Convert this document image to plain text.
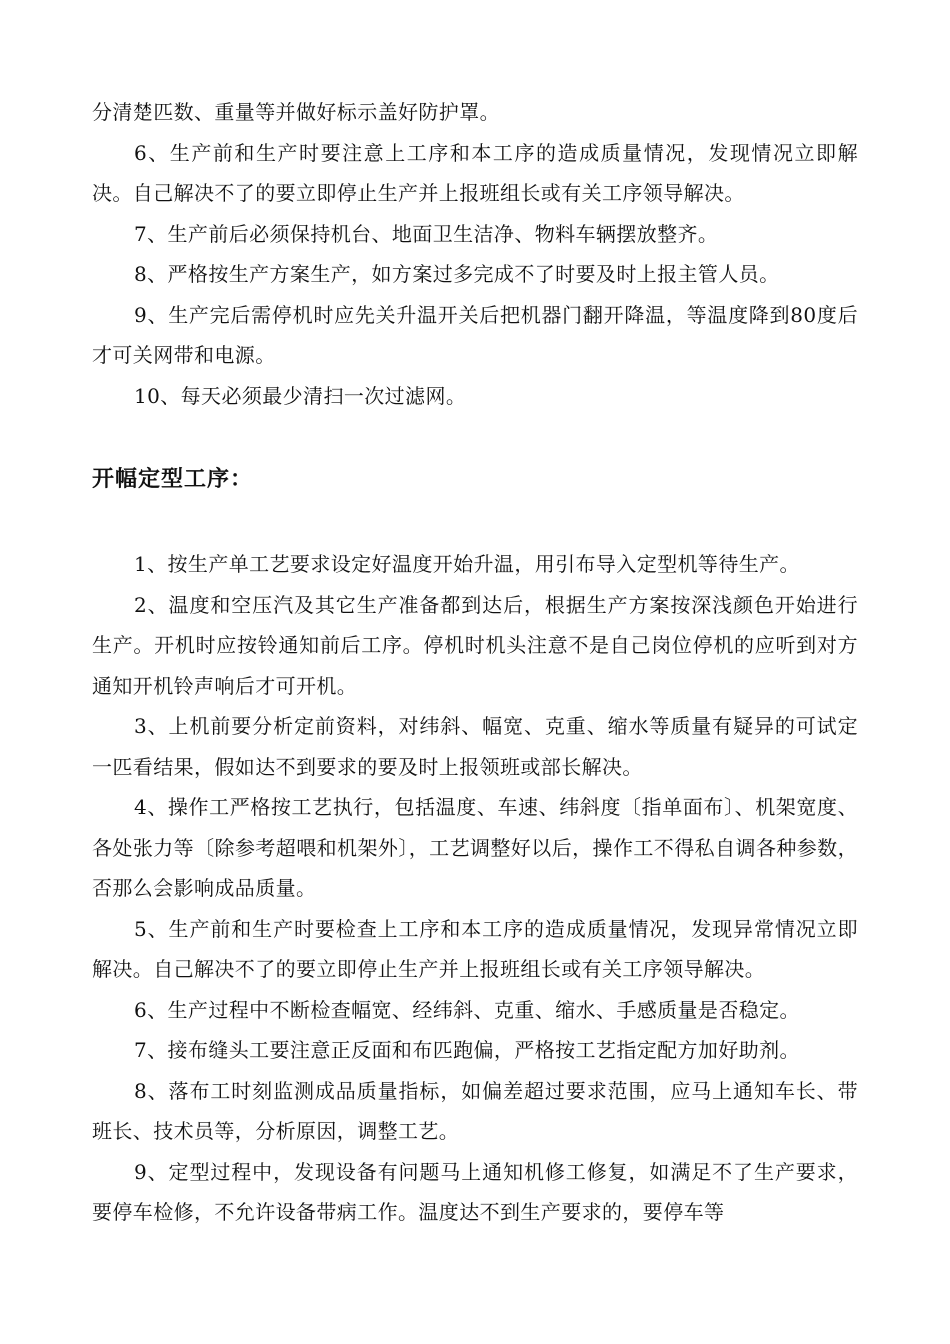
分清楚匹数、重量等并做好标示盖好防护罩。

6、生产前和生产时要注意上工序和本工序的造成质量情况，发现情况立即解决。自己解决不了的要立即停止生产并上报班组长或有关工序领导解决。

7、生产前后必须保持机台、地面卫生洁净、物料车辆摆放整齐。

8、严格按生产方案生产，如方案过多完成不了时要及时上报主管人员。

9、生产完后需停机时应先关升温开关后把机器门翻开降温，等温度降到80度后才可关网带和电源。

10、每天必须最少清扫一次过滤网。

开幅定型工序：

1、按生产单工艺要求设定好温度开始升温，用引布导入定型机等待生产。

2、温度和空压汽及其它生产准备都到达后，根据生产方案按深浅颜色开始进行生产。开机时应按铃通知前后工序。停机时机头注意不是自己岗位停机的应听到对方通知开机铃声响后才可开机。

3、上机前要分析定前资料，对纬斜、幅宽、克重、缩水等质量有疑异的可试定一匹看结果，假如达不到要求的要及时上报领班或部长解决。

4、操作工严格按工艺执行，包括温度、车速、纬斜度〔指单面布〕、机架宽度、各处张力等〔除参考超喂和机架外〕，工艺调整好以后，操作工不得私自调各种参数，否那么会影响成品质量。

5、生产前和生产时要检查上工序和本工序的造成质量情况，发现异常情况立即解决。自己解决不了的要立即停止生产并上报班组长或有关工序领导解决。

6、生产过程中不断检查幅宽、经纬斜、克重、缩水、手感质量是否稳定。

7、接布缝头工要注意正反面和布匹跑偏，严格按工艺指定配方加好助剂。

8、落布工时刻监测成品质量指标，如偏差超过要求范围，应马上通知车长、带班长、技术员等，分析原因，调整工艺。

9、定型过程中，发现设备有问题马上通知机修工修复，如满足不了生产要求，要停车检修，不允许设备带病工作。温度达不到生产要求的，要停车等
